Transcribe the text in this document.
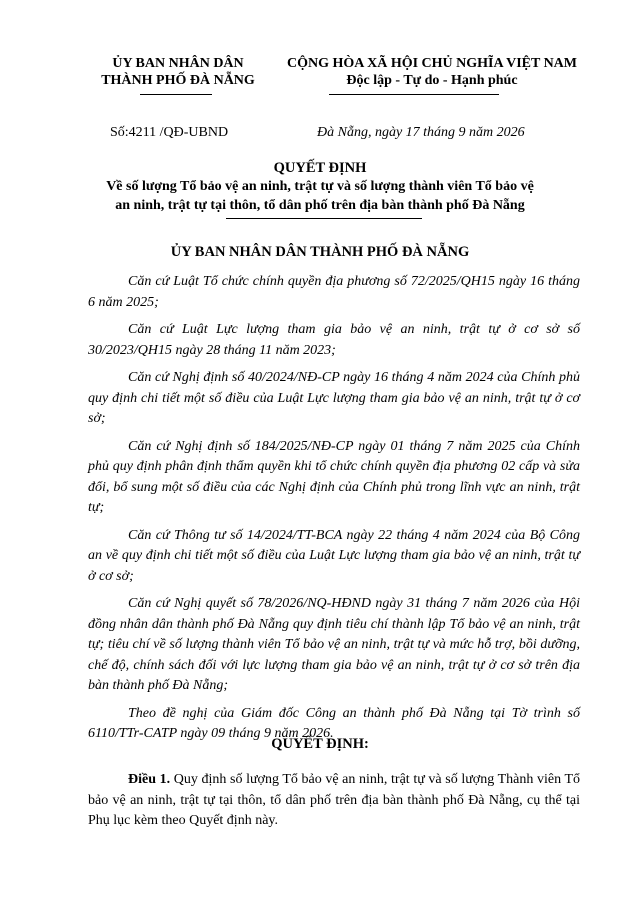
ỦY BAN NHÂN DÂN
THÀNH PHỐ ĐÀ NẴNG
CỘNG HÒA XÃ HỘI CHỦ NGHĨA VIỆT NAM
Độc lập - Tự do - Hạnh phúc
Số:4211 /QĐ-UBND	Đà Nẵng, ngày 17 tháng 9 năm 2026
QUYẾT ĐỊNH
Về số lượng Tổ bảo vệ an ninh, trật tự và số lượng thành viên Tổ bảo vệ
an ninh, trật tự tại thôn, tổ dân phố trên địa bàn thành phố Đà Nẵng
ỦY BAN NHÂN DÂN THÀNH PHỐ ĐÀ NẴNG

Căn cứ Luật Tổ chức chính quyền địa phương số 72/2025/QH15 ngày 16 tháng 6 năm 2025;

Căn cứ Luật Lực lượng tham gia bảo vệ an ninh, trật tự ở cơ sở số 30/2023/QH15 ngày 28 tháng 11 năm 2023;

Căn cứ Nghị định số 40/2024/NĐ-CP ngày 16 tháng 4 năm 2024 của Chính phủ quy định chi tiết một số điều của Luật Lực lượng tham gia bảo vệ an ninh, trật tự ở cơ sở;

Căn cứ Nghị định số 184/2025/NĐ-CP ngày 01 tháng 7 năm 2025 của Chính phủ quy định phân định thẩm quyền khi tổ chức chính quyền địa phương 02 cấp và sửa đổi, bổ sung một số điều của các Nghị định của Chính phủ trong lĩnh vực an ninh, trật tự;

Căn cứ Thông tư số 14/2024/TT-BCA ngày 22 tháng 4 năm 2024 của Bộ Công an về quy định chi tiết một số điều của Luật Lực lượng tham gia bảo vệ an ninh, trật tự ở cơ sở;

Căn cứ Nghị quyết số 78/2026/NQ-HĐND ngày 31 tháng 7 năm 2026 của Hội đồng nhân dân thành phố Đà Nẵng quy định tiêu chí thành lập Tổ bảo vệ an ninh, trật tự; tiêu chí về số lượng thành viên Tổ bảo vệ an ninh, trật tự và mức hỗ trợ, bồi dưỡng, chế độ, chính sách đối với lực lượng tham gia bảo vệ an ninh, trật tự ở cơ sở trên địa bàn thành phố Đà Nẵng;

Theo đề nghị của Giám đốc Công an thành phố Đà Nẵng tại Tờ trình số 6110/TTr-CATP ngày 09 tháng 9 năm 2026.

QUYẾT ĐỊNH:

Điều 1. Quy định số lượng Tổ bảo vệ an ninh, trật tự và số lượng Thành viên Tổ bảo vệ an ninh, trật tự tại thôn, tổ dân phố trên địa bàn thành phố Đà Nẵng, cụ thể tại Phụ lục kèm theo Quyết định này.
